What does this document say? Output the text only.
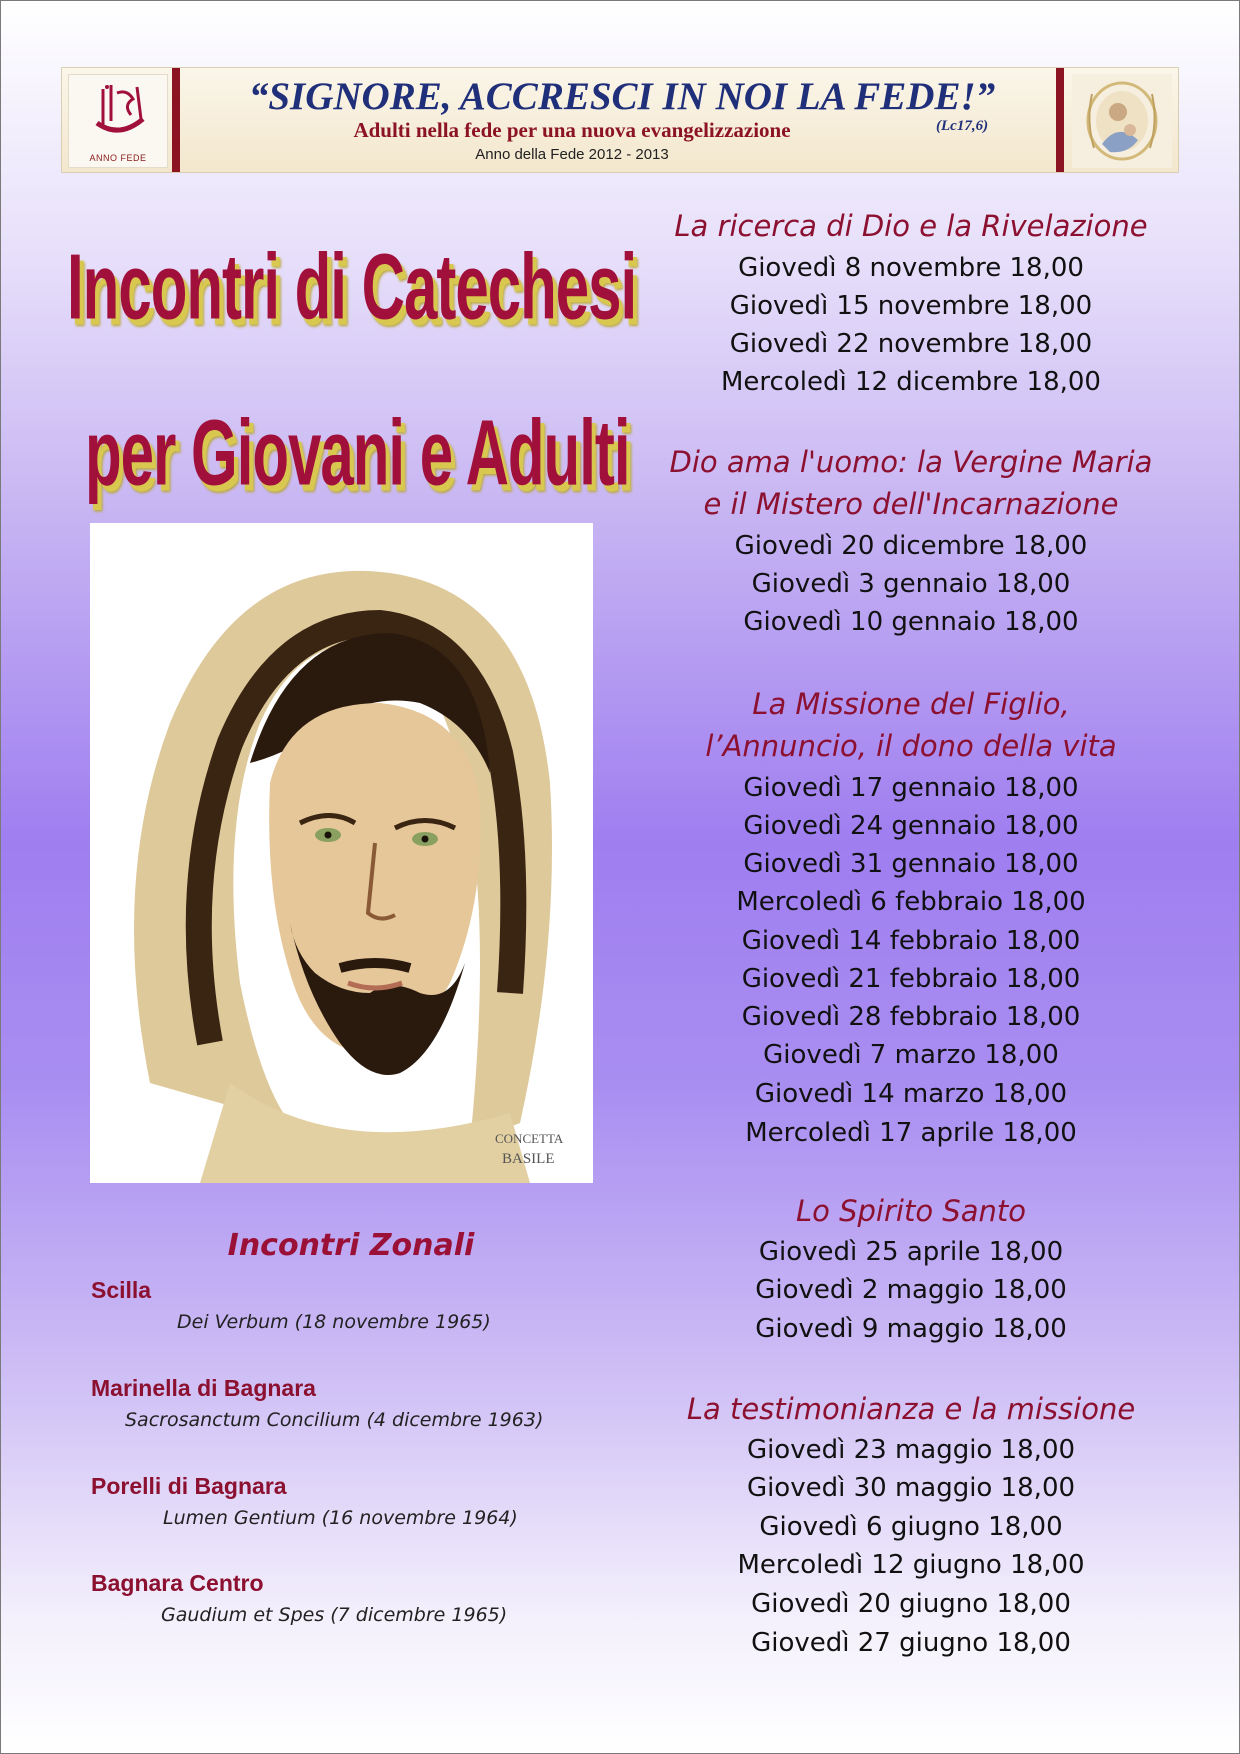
ANNO FEDE
“SIGNORE, ACCRESCI IN NOI LA FEDE!”
Adulti nella fede per una nuova evangelizzazione	(Lc17,6)
Anno della Fede 2012 - 2013
Incontri di Catechesi
per Giovani e Adulti
CONCETTA
BASILE
Incontri Zonali
Scilla
Dei Verbum (18 novembre 1965)
Marinella di Bagnara
Sacrosanctum Concilium (4 dicembre 1963)
Porelli di Bagnara
Lumen Gentium (16 novembre 1964)
Bagnara Centro
Gaudium et Spes (7 dicembre 1965)
La ricerca di Dio e la Rivelazione
Giovedì 8 novembre 18,00
Giovedì 15 novembre 18,00
Giovedì 22 novembre 18,00
Mercoledì 12 dicembre 18,00
Dio ama l'uomo: la Vergine Maria
e il Mistero dell'Incarnazione
Giovedì 20 dicembre 18,00
Giovedì 3 gennaio 18,00
Giovedì 10 gennaio 18,00
La Missione del Figlio,
l’Annuncio, il dono della vita
Giovedì 17 gennaio 18,00
Giovedì 24 gennaio 18,00
Giovedì 31 gennaio 18,00
Mercoledì 6 febbraio 18,00
Giovedì 14 febbraio 18,00
Giovedì 21 febbraio 18,00
Giovedì 28 febbraio 18,00
Giovedì 7 marzo 18,00
Giovedì 14 marzo 18,00
Mercoledì 17 aprile 18,00
Lo Spirito Santo
Giovedì 25 aprile 18,00
Giovedì 2 maggio 18,00
Giovedì 9 maggio 18,00
La testimonianza e la missione
Giovedì 23 maggio 18,00
Giovedì 30 maggio 18,00
Giovedì 6 giugno 18,00
Mercoledì 12 giugno 18,00
Giovedì 20 giugno 18,00
Giovedì 27 giugno 18,00
